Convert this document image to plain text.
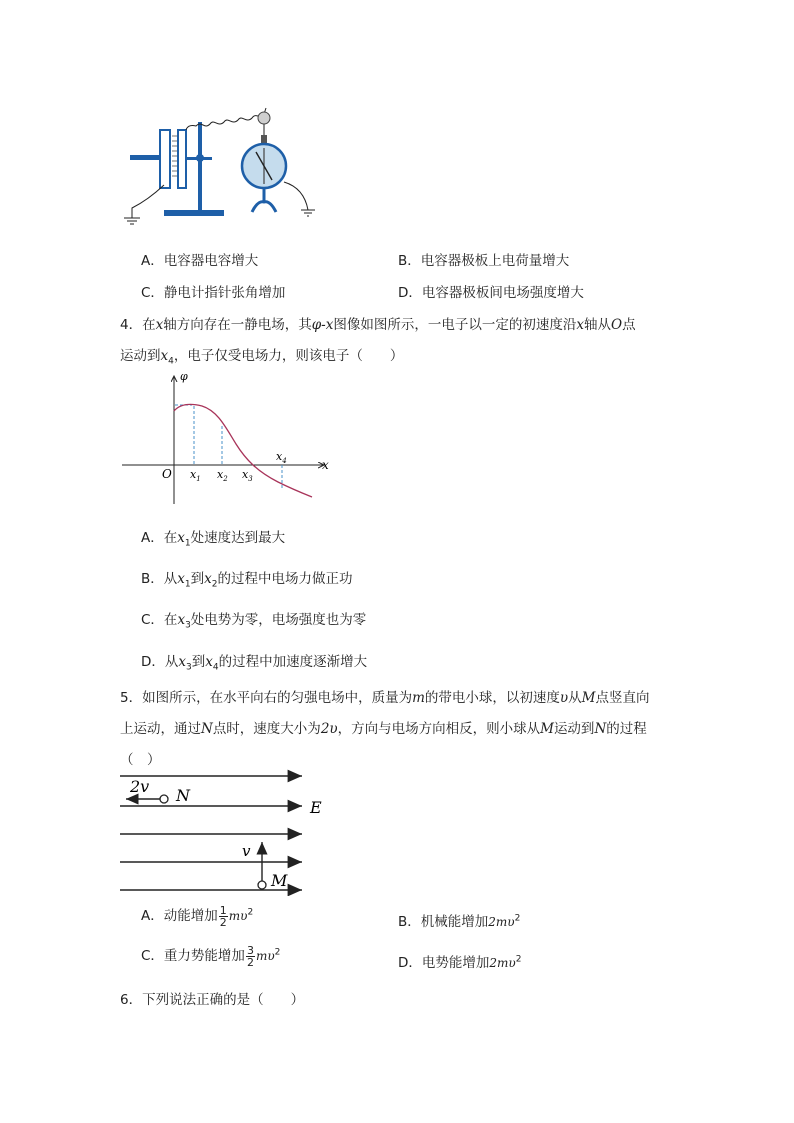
A．电容器电容增大	B．电容器极板上电荷量增大
C．静电计指针张角增加	D．电容器极板间电场强度增大
4．在x轴方向存在一静电场，其φ-x图像如图所示，一电子以一定的初速度沿x轴从O点
运动到$x_4$，电子仅受电场力，则该电子（　　）
φ
x
O $x_1$ $x_2$ $x_3$
$x_4$
A．在$x_1$处速度达到最大
B．从$x_1$到$x_2$的过程中电场力做正功
C．在$x_3$处电势为零，电场强度也为零
D．从$x_3$到$x_4$的过程中加速度逐渐增大
5．如图所示，在水平向右的匀强电场中，质量为m的带电小球，以初速度υ从M点竖直向
上运动，通过N点时，速度大小为2υ，方向与电场方向相反，则小球从M运动到N的过程
（　）
2v N
E
v
M
A．动能增加 $\frac{1}{2} m\upsilon^2$
B．机械能增加$2m\upsilon^2$
C．重力势能增加 $\frac{3}{2} m\upsilon^2$
D．电势能增加$2m\upsilon^2$
6．下列说法正确的是（　　）
